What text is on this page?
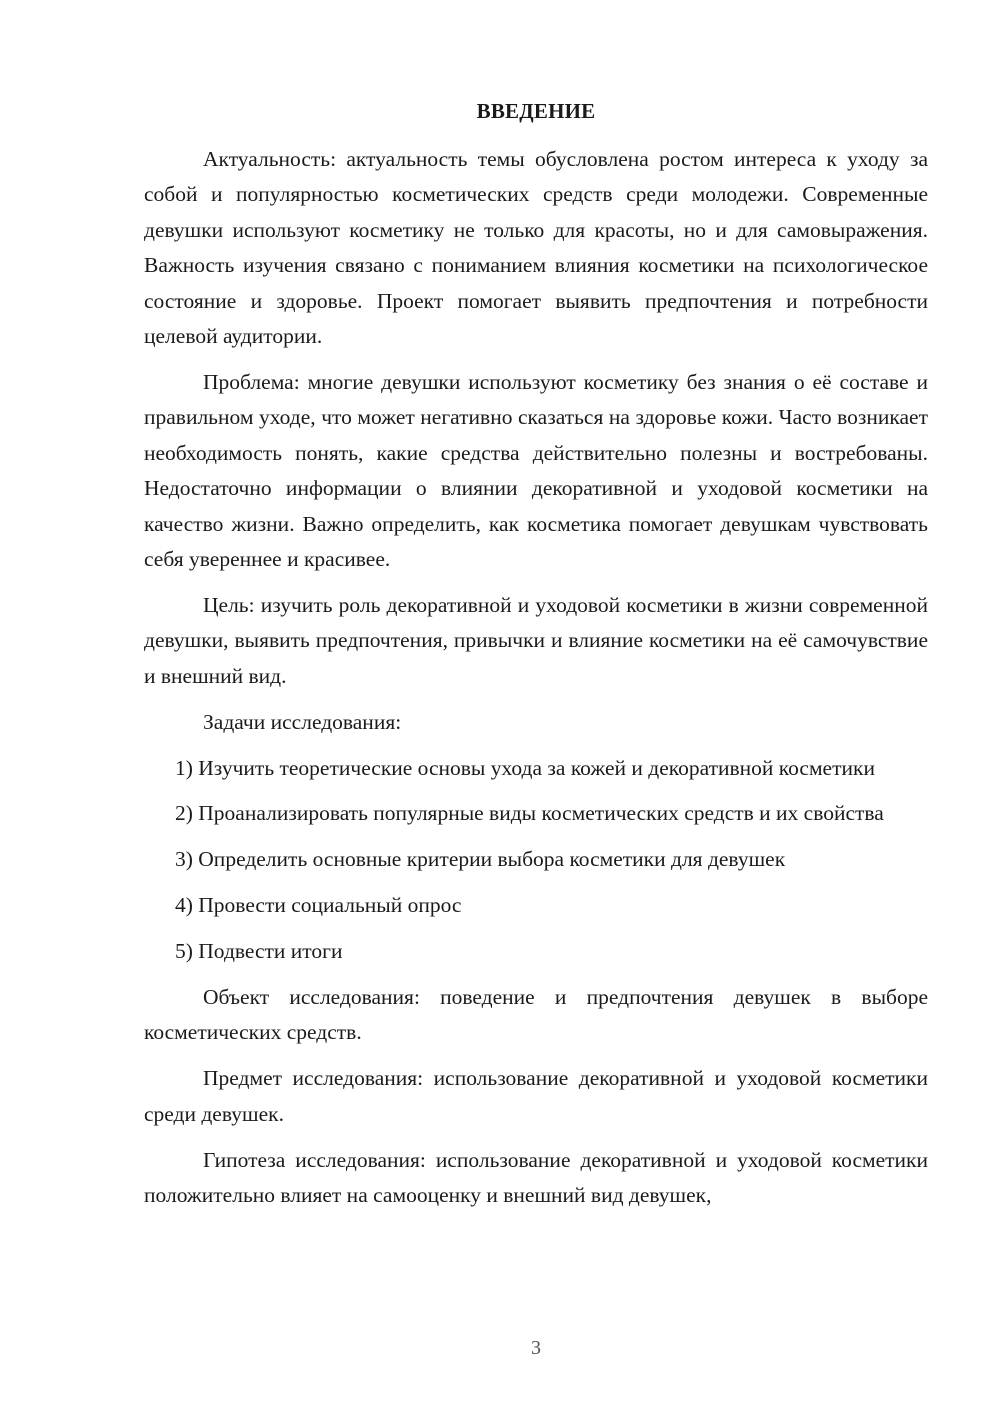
ВВЕДЕНИЕ

Актуальность: актуальность темы обусловлена ростом интереса к уходу за собой и популярностью косметических средств среди молодежи. Современные девушки используют косметику не только для красоты, но и для самовыражения. Важность изучения связано с пониманием влияния косметики на психологическое состояние и здоровье. Проект помогает выявить предпочтения и потребности целевой аудитории.

Проблема: многие девушки используют косметику без знания о её составе и правильном уходе, что может негативно сказаться на здоровье кожи. Часто возникает необходимость понять, какие средства действительно полезны и востребованы. Недостаточно информации о влиянии декоративной и уходовой косметики на качество жизни. Важно определить, как косметика помогает девушкам чувствовать себя увереннее и красивее.

Цель: изучить роль декоративной и уходовой косметики в жизни современной девушки, выявить предпочтения, привычки и влияние косметики на её самочувствие и внешний вид.

Задачи исследования:

1) Изучить теоретические основы ухода за кожей и декоративной косметики

2) Проанализировать популярные виды косметических средств и их свойства

3) Определить основные критерии выбора косметики для девушек

4) Провести социальный опрос

5) Подвести итоги

Объект исследования: поведение и предпочтения девушек в выборе косметических средств.

Предмет исследования: использование декоративной и уходовой косметики среди девушек.

Гипотеза исследования: использование декоративной и уходовой косметики положительно влияет на самооценку и внешний вид девушек,

3
